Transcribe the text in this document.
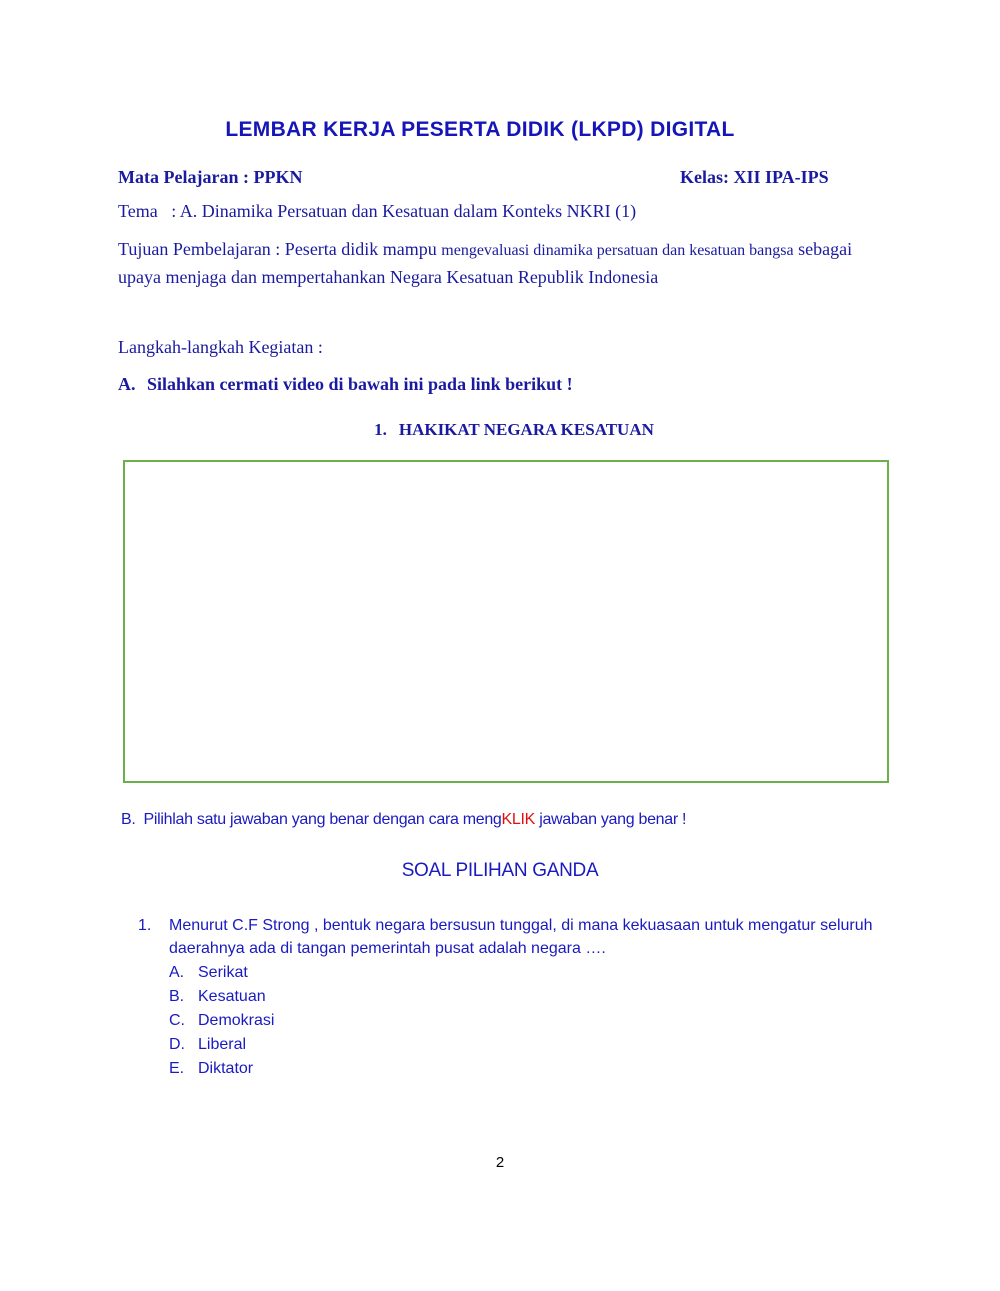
LEMBAR KERJA PESERTA DIDIK (LKPD) DIGITAL
Mata Pelajaran : PPKN	Kelas: XII IPA-IPS
Tema   : A. Dinamika Persatuan dan Kesatuan dalam Konteks NKRI (1)
Tujuan Pembelajaran : Peserta didik mampu mengevaluasi dinamika persatuan dan kesatuan bangsa sebagai upaya menjaga dan mempertahankan Negara Kesatuan Republik Indonesia
Langkah-langkah Kegiatan :
A. Silahkan cermati video di bawah ini pada link berikut !
1. HAKIKAT NEGARA KESATUAN
B. Pilihlah satu jawaban yang benar dengan cara mengKLIK jawaban yang benar !
SOAL PILIHAN GANDA
1. Menurut C.F Strong , bentuk negara bersusun tunggal, di mana kekuasaan untuk mengatur seluruh daerahnya ada di tangan pemerintah pusat adalah negara ….
A. Serikat
B. Kesatuan
C. Demokrasi
D. Liberal
E. Diktator
2
